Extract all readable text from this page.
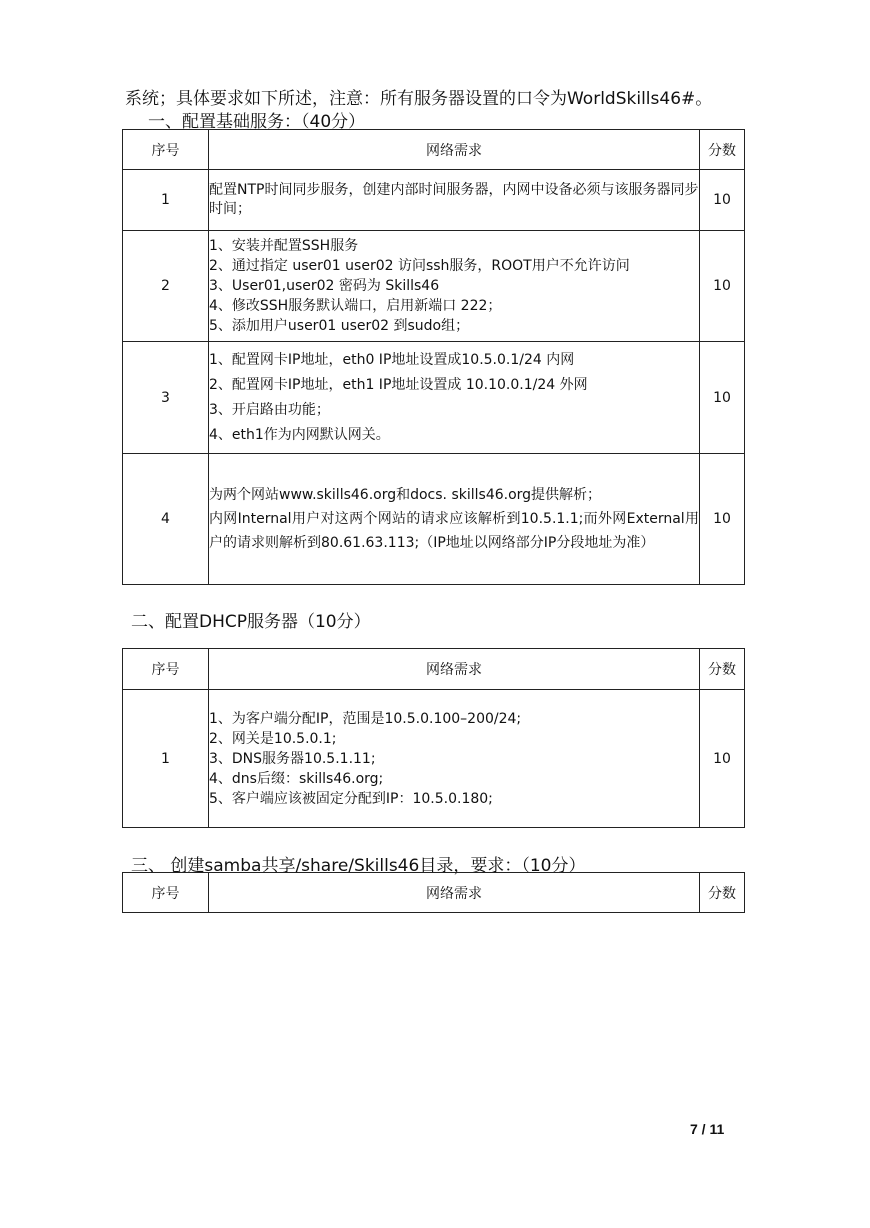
系统；具体要求如下所述，注意：所有服务器设置的口令为WorldSkills46#。
一、配置基础服务：（40分）
序号	网络需求	分数
1	配置NTP时间同步服务，创建内部时间服务器，内网中设备必须与该服务器同步时间；	10
2	1、安装并配置SSH服务
2、通过指定 user01 user02 访问ssh服务，ROOT用户不允许访问
3、User01,user02 密码为 Skills46
4、修改SSH服务默认端口，启用新端口 222；
5、添加用户user01 user02 到sudo组；	10
3	1、配置网卡IP地址，eth0 IP地址设置成10.5.0.1/24 内网
2、配置网卡IP地址，eth1 IP地址设置成 10.10.0.1/24 外网
3、开启路由功能；
4、eth1作为内网默认网关。	10
4	为两个网站www.skills46.org和docs. skills46.org提供解析；
内网Internal用户对这两个网站的请求应该解析到10.5.1.1;而外网External用户的请求则解析到80.61.63.113;（IP地址以网络部分IP分段地址为准）	10
二、配置DHCP服务器（10分）
序号	网络需求	分数
1	1、为客户端分配IP，范围是10.5.0.100–200/24;
2、网关是10.5.0.1;
3、DNS服务器10.5.1.11;
4、dns后缀：skills46.org;
5、客户端应该被固定分配到IP：10.5.0.180;	10
三、 创建samba共享/share/Skills46目录，要求：（10分）
序号	网络需求	分数
7 / 11
